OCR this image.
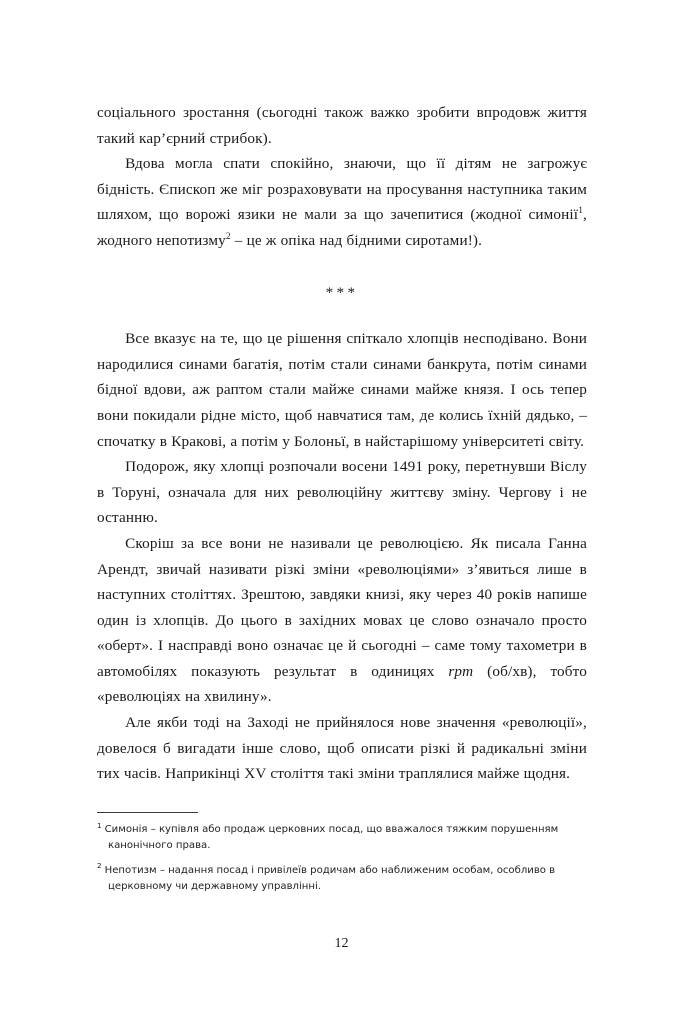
соціального зростання (сьогодні також важко зробити впродовж життя такий кар’єрний стрибок).

Вдова могла спати спокійно, знаючи, що її дітям не загрожує бідність. Єпископ же міг розраховувати на просування наступника таким шляхом, що ворожі язики не мали за що зачепитися (жодної симонії$^1$, жодного непотизму$^2$ – це ж опіка над бідними сиротами!).

***

Все вказує на те, що це рішення спіткало хлопців несподівано. Вони народилися синами багатія, потім стали синами банкрута, потім синами бідної вдови, аж раптом стали майже синами майже князя. І ось тепер вони покидали рідне місто, щоб навчатися там, де колись їхній дядько, – спочатку в Кракові, а потім у Болоньї, в найстарішому університеті світу.

Подорож, яку хлопці розпочали восени 1491 року, перетнувши Віслу в Торуні, означала для них революційну життєву зміну. Чергову і не останню.

Скоріш за все вони не називали це революцією. Як писала Ганна Арендт, звичай називати різкі зміни «революціями» з’явиться лише в наступних століттях. Зрештою, завдяки книзі, яку через 40 років напише один із хлопців. До цього в західних мовах це слово означало просто «оберт». І насправді воно означає це й сьогодні – саме тому тахометри в автомобілях показують результат в одиницях rpm (об/хв), тобто «революціях на хвилину».

Але якби тоді на Заході не прийнялося нове значення «революції», довелося б вигадати інше слово, щоб описати різкі й радикальні зміни тих часів. Наприкінці XV століття такі зміни траплялися майже щодня.

$^1$ Симонія – купівля або продаж церковних посад, що вважалося тяжким порушенням канонічного права.

$^2$ Непотизм – надання посад і привілеїв родичам або наближеним особам, особливо в церковному чи державному управлінні.

12
